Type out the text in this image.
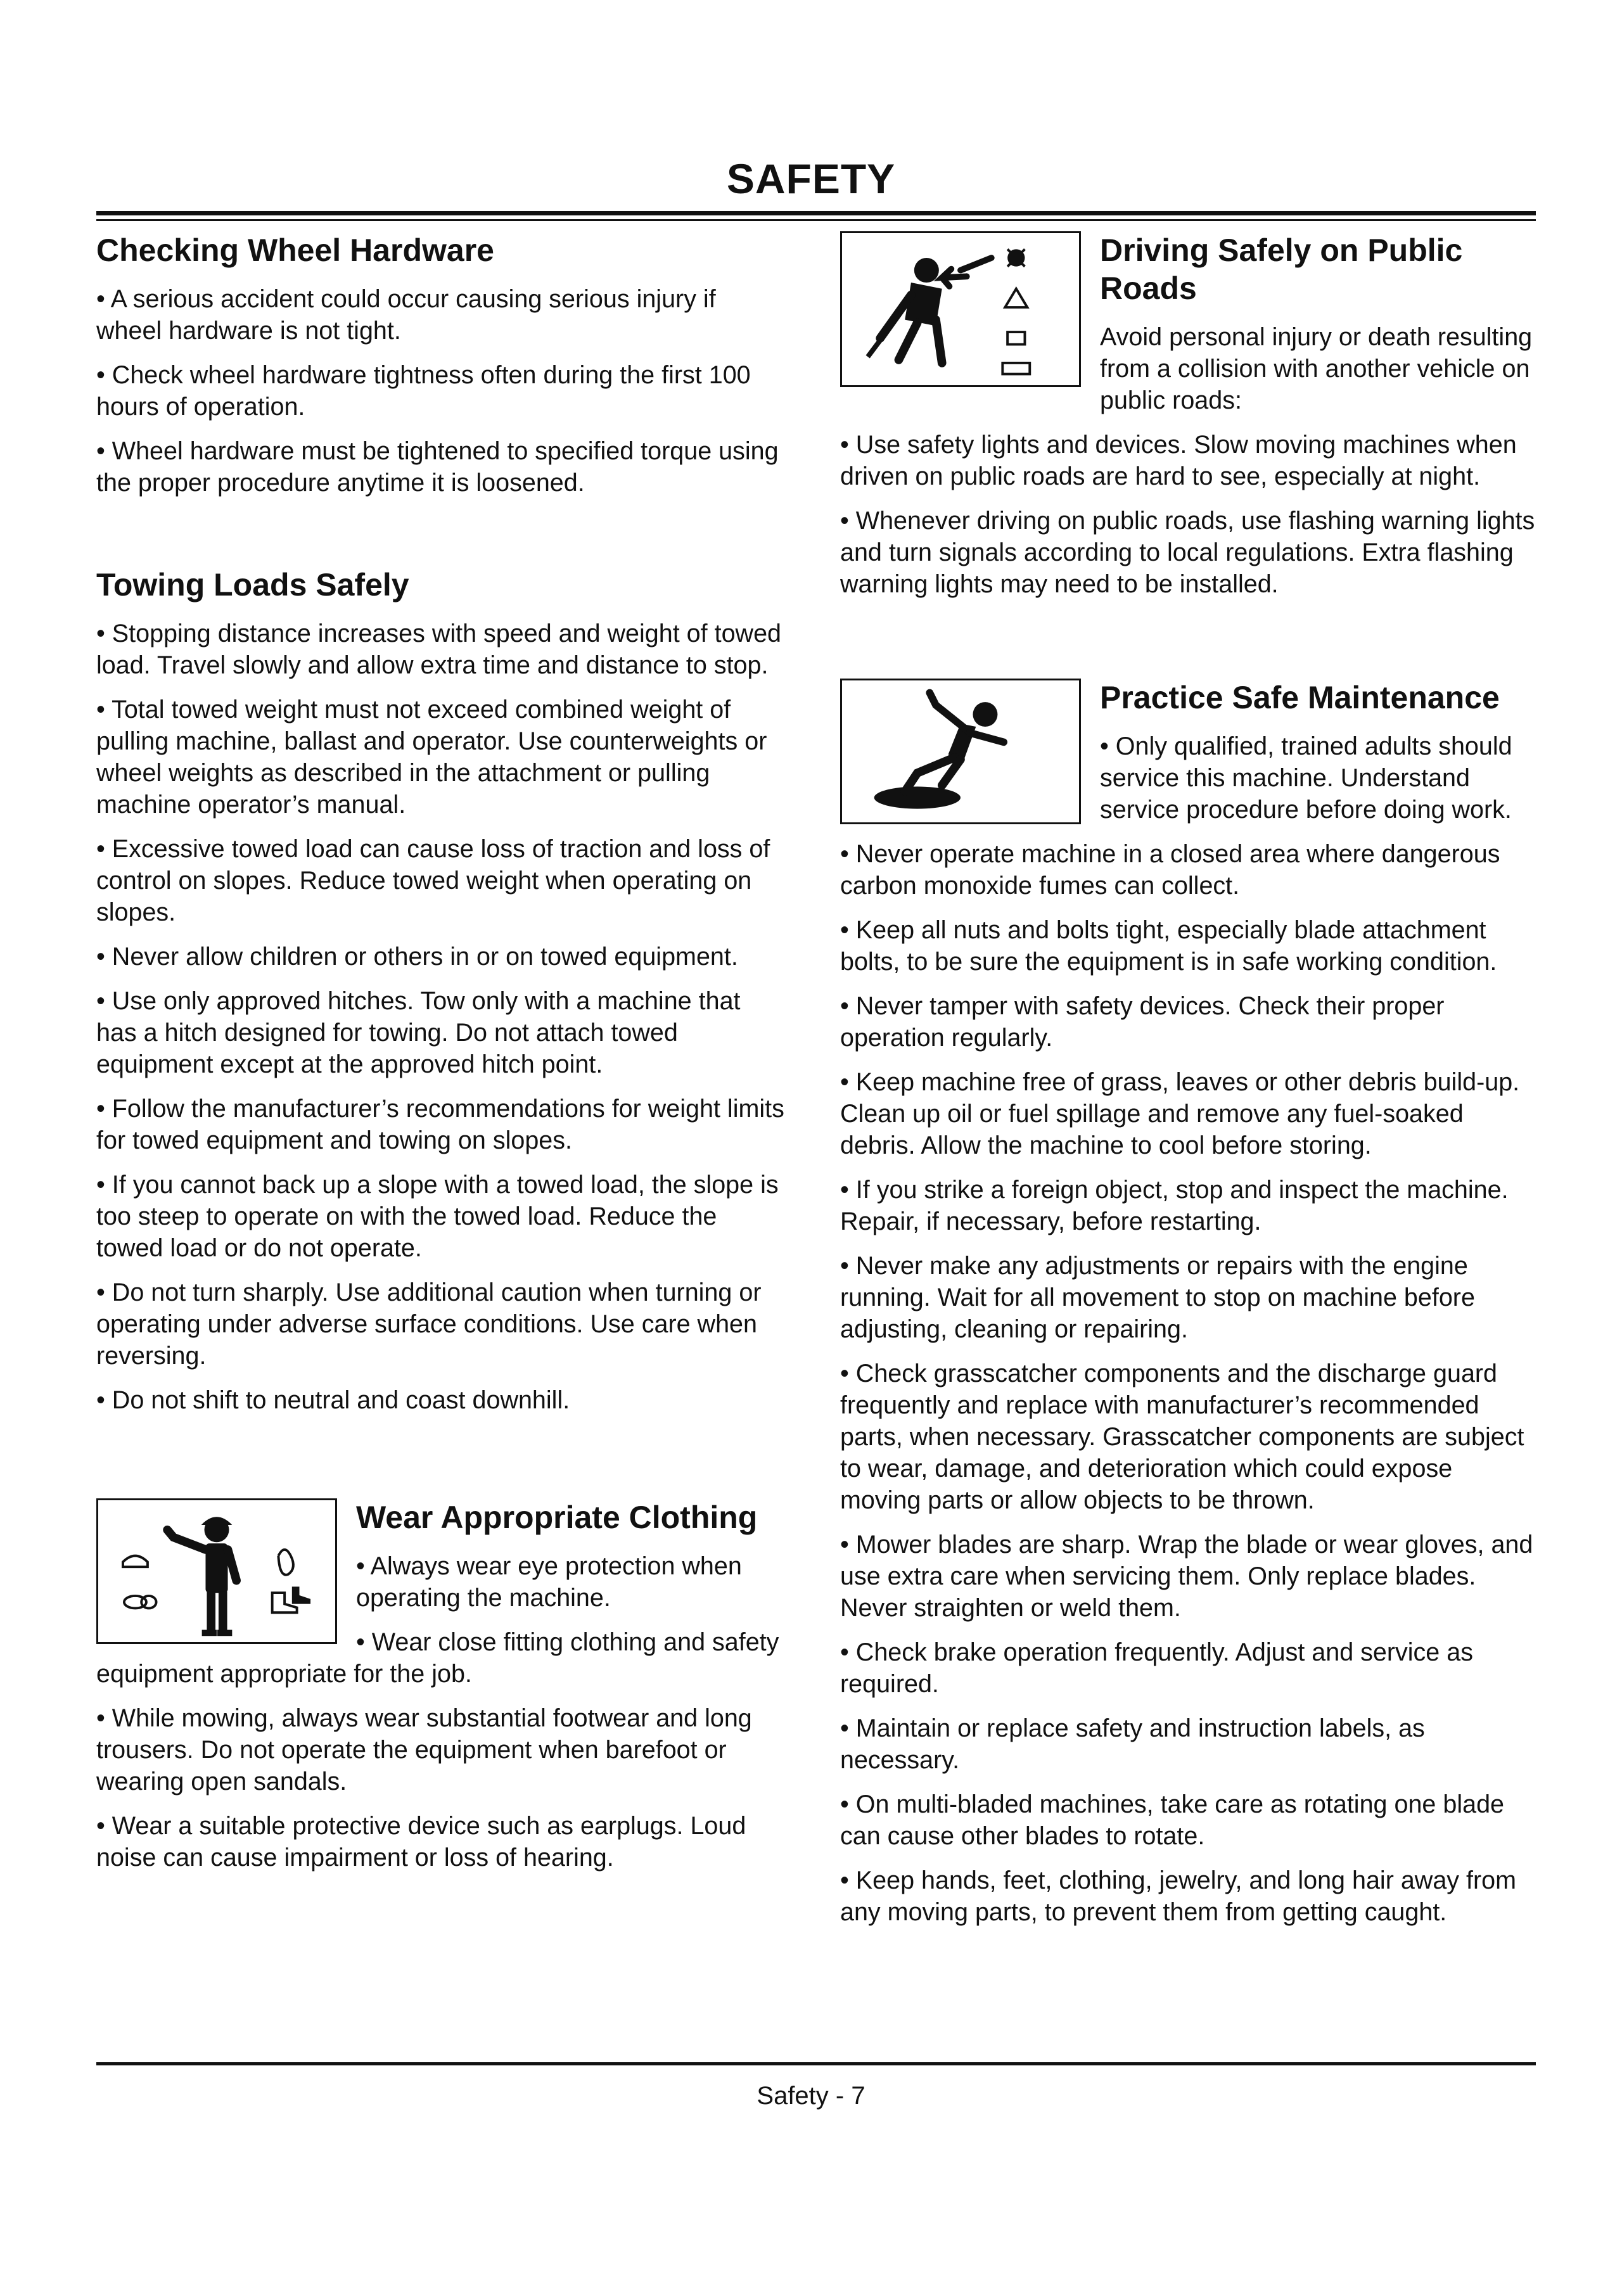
SAFETY
Checking Wheel Hardware

• A serious accident could occur causing serious injury if wheel hardware is not tight.

• Check wheel hardware tightness often during the first 100 hours of operation.

• Wheel hardware must be tightened to specified torque using the proper procedure anytime it is loosened.

Towing Loads Safely

• Stopping distance increases with speed and weight of towed load. Travel slowly and allow extra time and distance to stop.

• Total towed weight must not exceed combined weight of pulling machine, ballast and operator. Use counterweights or wheel weights as described in the attachment or pulling machine operator’s manual.

• Excessive towed load can cause loss of traction and loss of control on slopes. Reduce towed weight when operating on slopes.

• Never allow children or others in or on towed equipment.

• Use only approved hitches. Tow only with a machine that has a hitch designed for towing. Do not attach towed equipment except at the approved hitch point.

• Follow the manufacturer’s recommendations for weight limits for towed equipment and towing on slopes.

• If you cannot back up a slope with a towed load, the slope is too steep to operate on with the towed load. Reduce the towed load or do not operate.

• Do not turn sharply. Use additional caution when turning or operating under adverse surface conditions. Use care when reversing.

• Do not shift to neutral and coast downhill.

Wear Appropriate Clothing

• Always wear eye protection when operating the machine.

• Wear close fitting clothing and safety equipment appropriate for the job.

• While mowing, always wear substantial footwear and long trousers. Do not operate the equipment when barefoot or wearing open sandals.

• Wear a suitable protective device such as earplugs. Loud noise can cause impairment or loss of hearing.

Driving Safely on Public Roads

Avoid personal injury or death resulting from a collision with another vehicle on public roads:

• Use safety lights and devices. Slow moving machines when driven on public roads are hard to see, especially at night.

• Whenever driving on public roads, use flashing warning lights and turn signals according to local regulations. Extra flashing warning lights may need to be installed.

Practice Safe Maintenance

• Only qualified, trained adults should service this machine. Understand service procedure before doing work.

• Never operate machine in a closed area where dangerous carbon monoxide fumes can collect.

• Keep all nuts and bolts tight, especially blade attachment bolts, to be sure the equipment is in safe working condition.

• Never tamper with safety devices. Check their proper operation regularly.

• Keep machine free of grass, leaves or other debris build-up. Clean up oil or fuel spillage and remove any fuel-soaked debris. Allow the machine to cool before storing.

• If you strike a foreign object, stop and inspect the machine. Repair, if necessary, before restarting.

• Never make any adjustments or repairs with the engine running. Wait for all movement to stop on machine before adjusting, cleaning or repairing.

• Check grasscatcher components and the discharge guard frequently and replace with manufacturer’s recommended parts, when necessary. Grasscatcher components are subject to wear, damage, and deterioration which could expose moving parts or allow objects to be thrown.

• Mower blades are sharp. Wrap the blade or wear gloves, and use extra care when servicing them. Only replace blades. Never straighten or weld them.

• Check brake operation frequently. Adjust and service as required.

• Maintain or replace safety and instruction labels, as necessary.

• On multi-bladed machines, take care as rotating one blade can cause other blades to rotate.

• Keep hands, feet, clothing, jewelry, and long hair away from any moving parts, to prevent them from getting caught.

Safety - 7
